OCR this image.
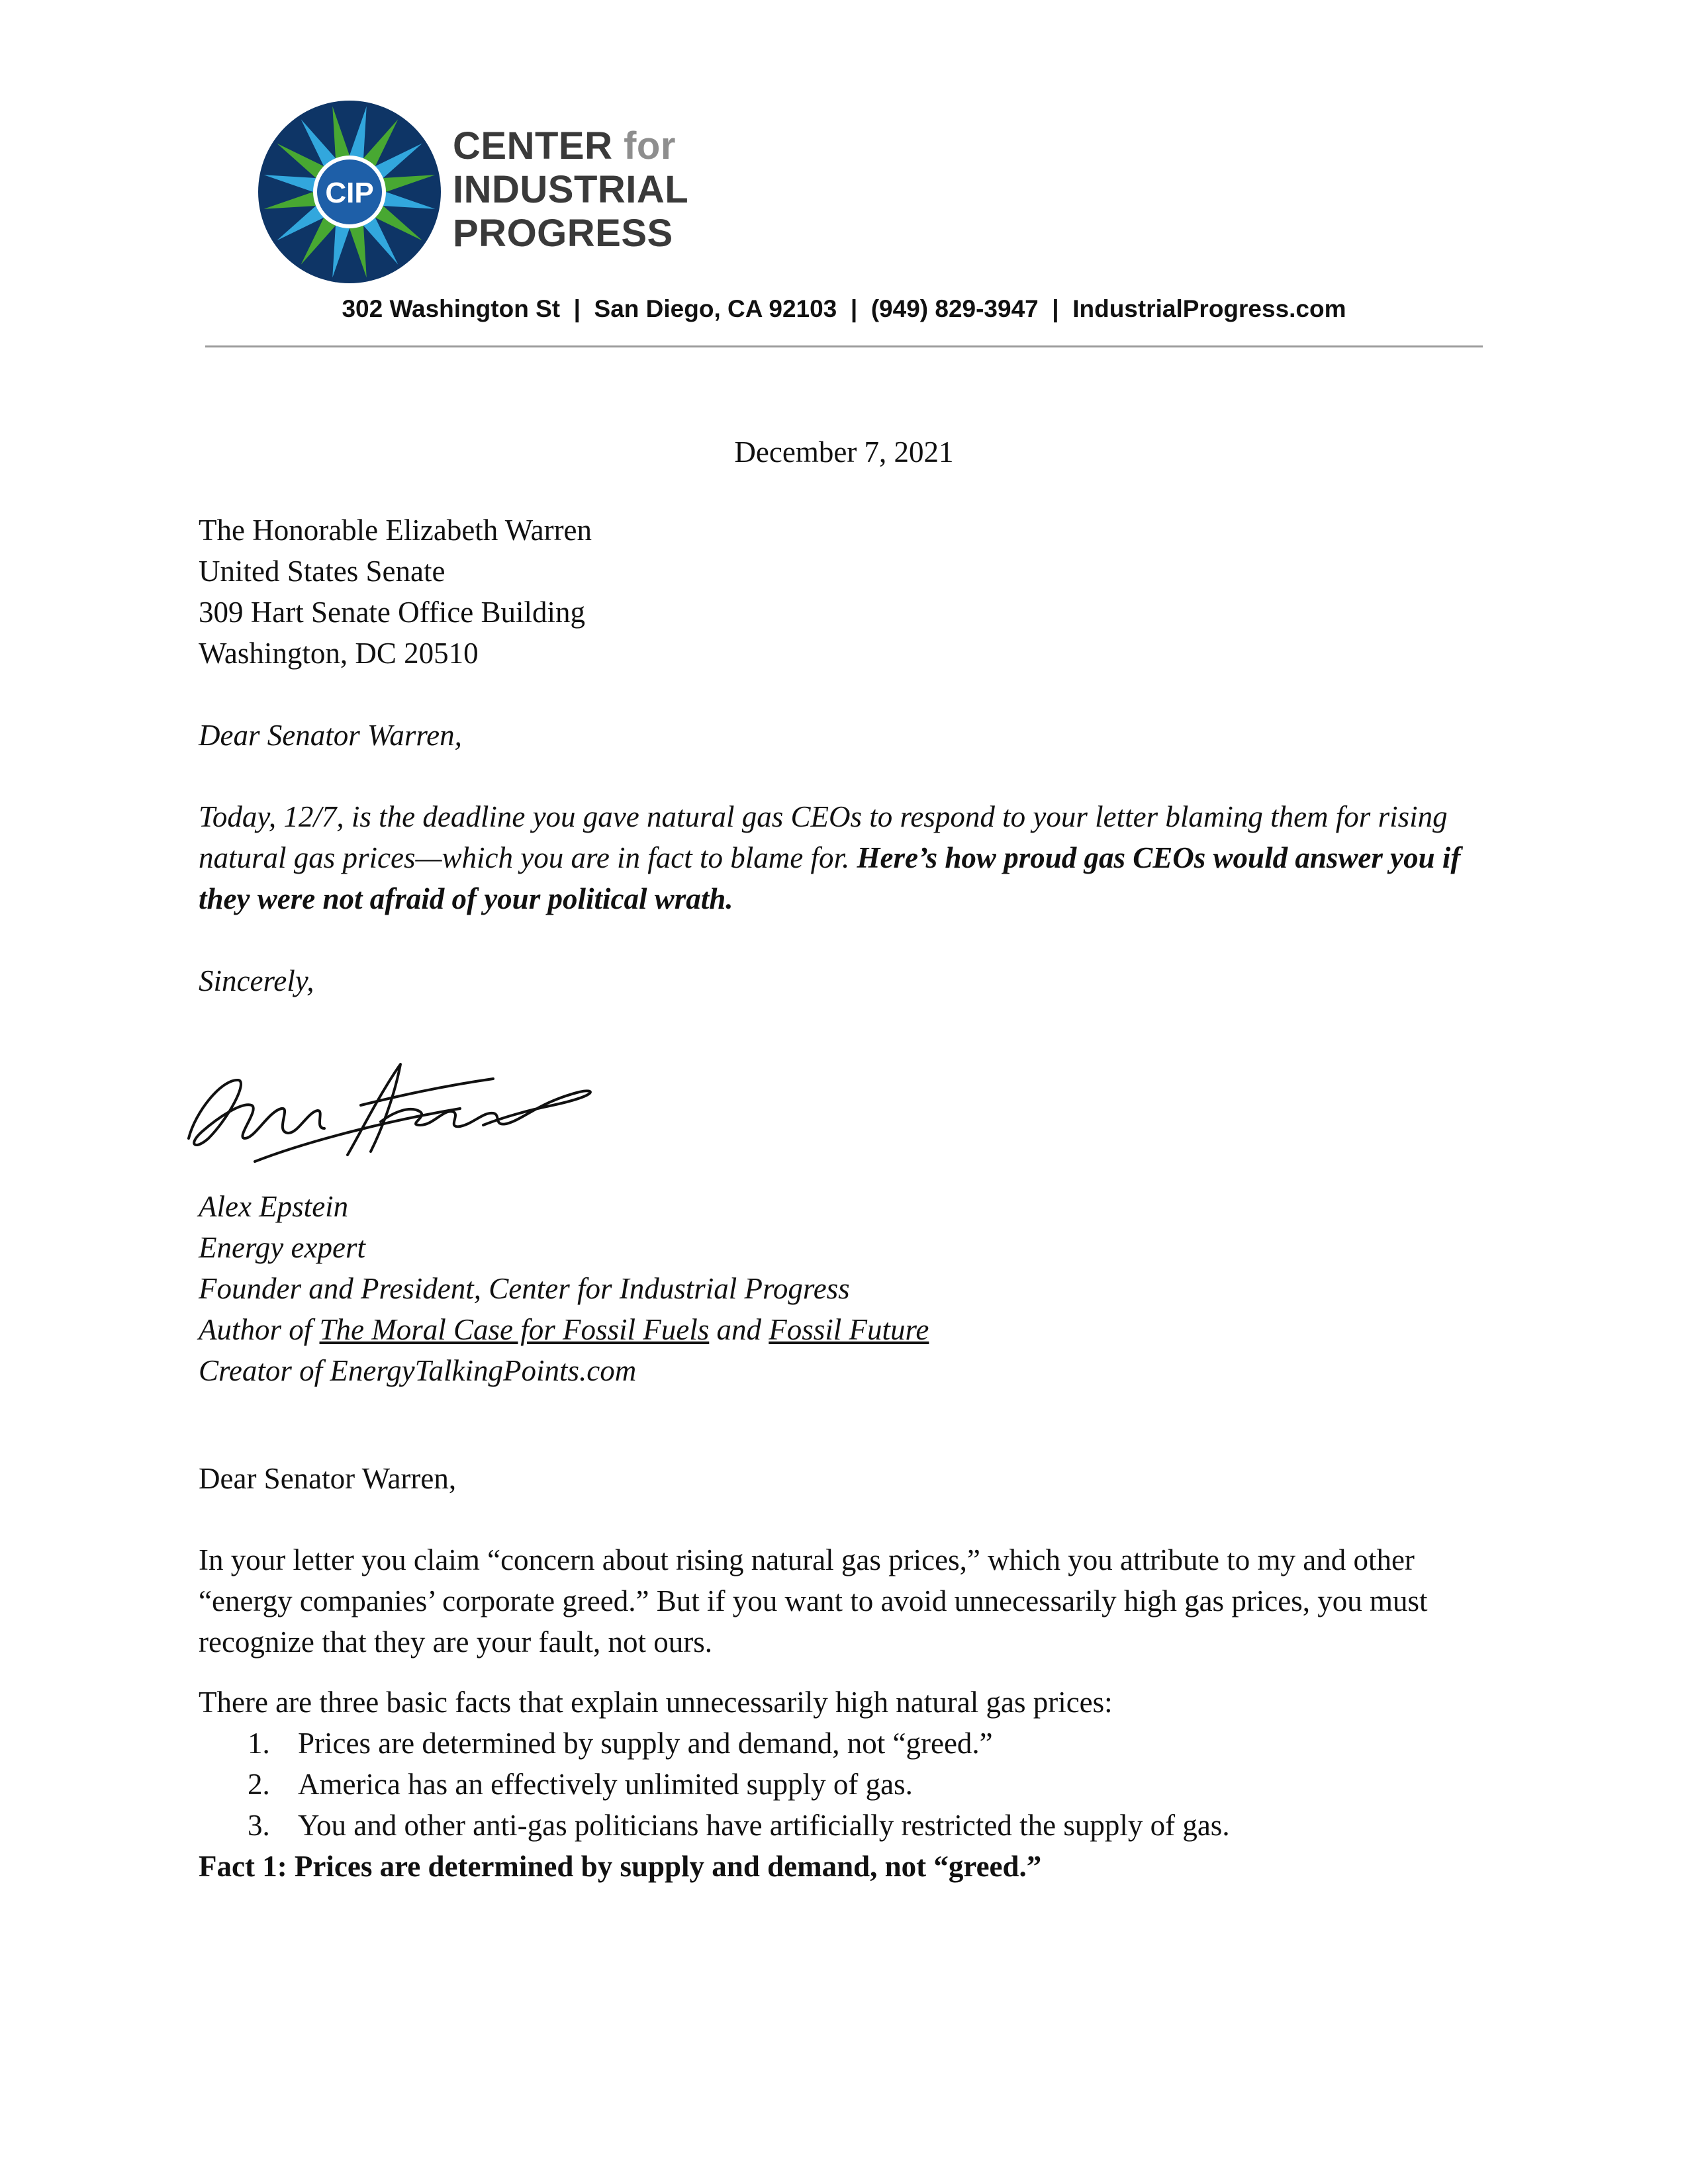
CIP
CENTER for
INDUSTRIAL
PROGRESS
302 Washington St  |  San Diego, CA 92103  |  (949) 829-3947  |  IndustrialProgress.com
December 7, 2021
The Honorable Elizabeth Warren
United States Senate
309 Hart Senate Office Building
Washington, DC 20510
Dear Senator Warren,
Today, 12/7, is the deadline you gave natural gas CEOs to respond to your letter blaming them for rising natural gas prices—which you are in fact to blame for. Here’s how proud gas CEOs would answer you if they were not afraid of your political wrath.
Sincerely,
Alex Epstein
Energy expert
Founder and President, Center for Industrial Progress
Author of The Moral Case for Fossil Fuels and Fossil Future
Creator of EnergyTalkingPoints.com
Dear Senator Warren,
In your letter you claim “concern about rising natural gas prices,” which you attribute to my and other “energy companies’ corporate greed.” But if you want to avoid unnecessarily high gas prices, you must recognize that they are your fault, not ours.
There are three basic facts that explain unnecessarily high natural gas prices:
1. Prices are determined by supply and demand, not “greed.”
2. America has an effectively unlimited supply of gas.
3. You and other anti-gas politicians have artificially restricted the supply of gas.
Fact 1: Prices are determined by supply and demand, not “greed.”
